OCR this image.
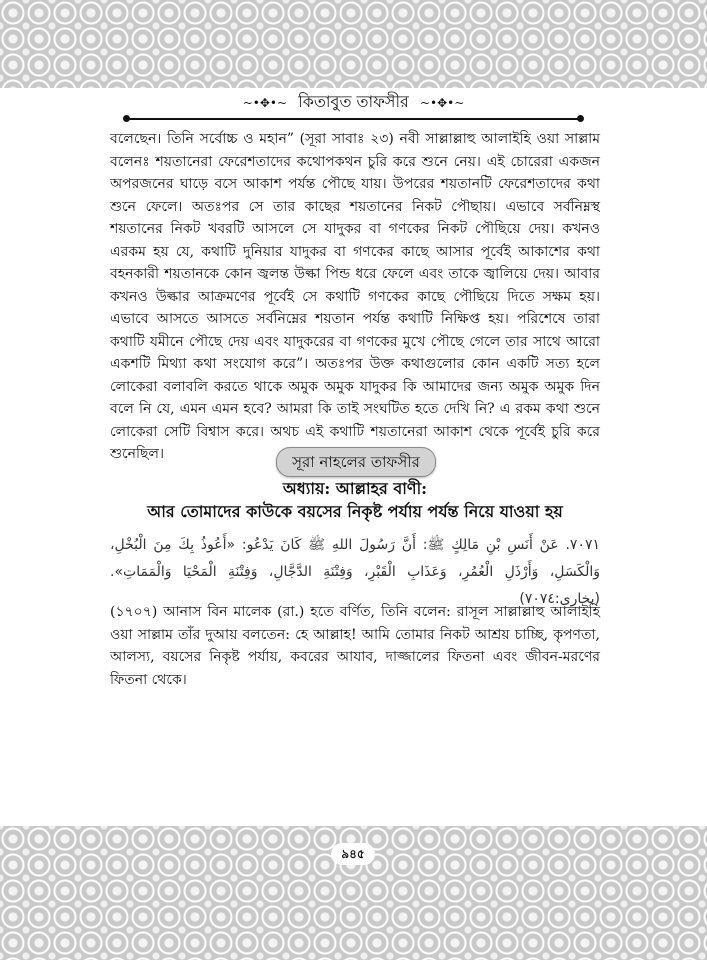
~•✥•~ কিতাবুত তাফসীর ~•✥•~
বলেছেন। তিনি সর্বোচ্চ ও মহান” (সূরা সাবাঃ ২৩) নবী সাল্লাল্লাহু আলাইহি ওয়া সাল্লাম বলেনঃ শয়তানেরা ফেরেশতাদের কথোপকথন চুরি করে শুনে নেয়। এই চোরেরা একজন অপরজনের ঘাড়ে বসে আকাশ পর্যন্ত পৌছে যায়। উপরের শয়তানটি ফেরেশতাদের কথা শুনে ফেলে। অতঃপর সে তার কাছের শয়তানের নিকট পৌছায়। এভাবে সর্বনিম্নস্থ শয়তানের নিকট খবরটি আসলে সে যাদুকর বা গণকের নিকট পৌছিয়ে দেয়। কখনও এরকম হয় যে, কথাটি দুনিয়ার যাদুকর বা গণকের কাছে আসার পূর্বেই আকাশের কথা বহনকারী শয়তানকে কোন জ্বলন্ত উল্কা পিন্ড ধরে ফেলে এবং তাকে জ্বালিয়ে দেয়। আবার কখনও উল্কার আক্রমণের পূর্বেই সে কথাটি গণকের কাছে পৌছিয়ে দিতে সক্ষম হয়। এভাবে আসতে আসতে সর্বনিম্নের শয়তান পর্যন্ত কথাটি নিক্ষিপ্ত হয়। পরিশেষে তারা কথাটি যমীনে পৌছে দেয় এবং যাদুকরের বা গণকের মুখে পৌছে গেলে তার সাথে আরো একশটি মিথ্যা কথা সংযোগ করে”। অতঃপর উক্ত কথাগুলোর কোন একটি সত্য হলে লোকেরা বলাবলি করতে থাকে অমুক অমুক যাদুকর কি আমাদের জন্য অমুক অমুক দিন বলে নি যে, এমন এমন হবে? আমরা কি তাই সংঘটিত হতে দেখি নি? এ রকম কথা শুনে লোকেরা সেটি বিশ্বাস করে। অথচ এই কথাটি শয়তানেরা আকাশ থেকে পূর্বেই চুরি করে শুনেছিল।	সূরা নাহলের তাফসীর
অধ্যায়: আল্লাহর বাণী:
আর তোমাদের কাউকে বয়সের নিকৃষ্ট পর্যায় পর্যন্ত নিয়ে যাওয়া হয়
٧٠٧١. عَنْ أَنَسِ بْنِ مَالِكٍ ﷺ: أَنَّ رَسُولَ اللهِ ﷺ كَانَ يَدْعُو: «أَعُوذُ بِكَ مِنَ الْبُخْلِ، وَالْكَسَلِ، وَأَرْذَلِ الْعُمُرِ، وَعَذَابِ الْقَبْرِ، وَفِتْنَةِ الدَّجَّالِ، وَفِتْنَةِ الْمَحْيَا وَالْمَمَاتِ». (بخارى:٧٠٧٤)
(১৭০৭) আনাস বিন মালেক (রা.) হতে বর্ণিত, তিনি বলেন: রাসূল সাল্লাল্লাহু আলাইহি ওয়া সাল্লাম তাঁর দুআয় বলতেন: হে আল্লাহ! আমি তোমার নিকট আশ্রয় চাচ্ছি, কৃপণতা, আলস্য, বয়সের নিকৃষ্ট পর্যায়, কবরের আযাব, দাজ্জালের ফিতনা এবং জীবন-মরণের ফিতনা থেকে।
৯৪৫
